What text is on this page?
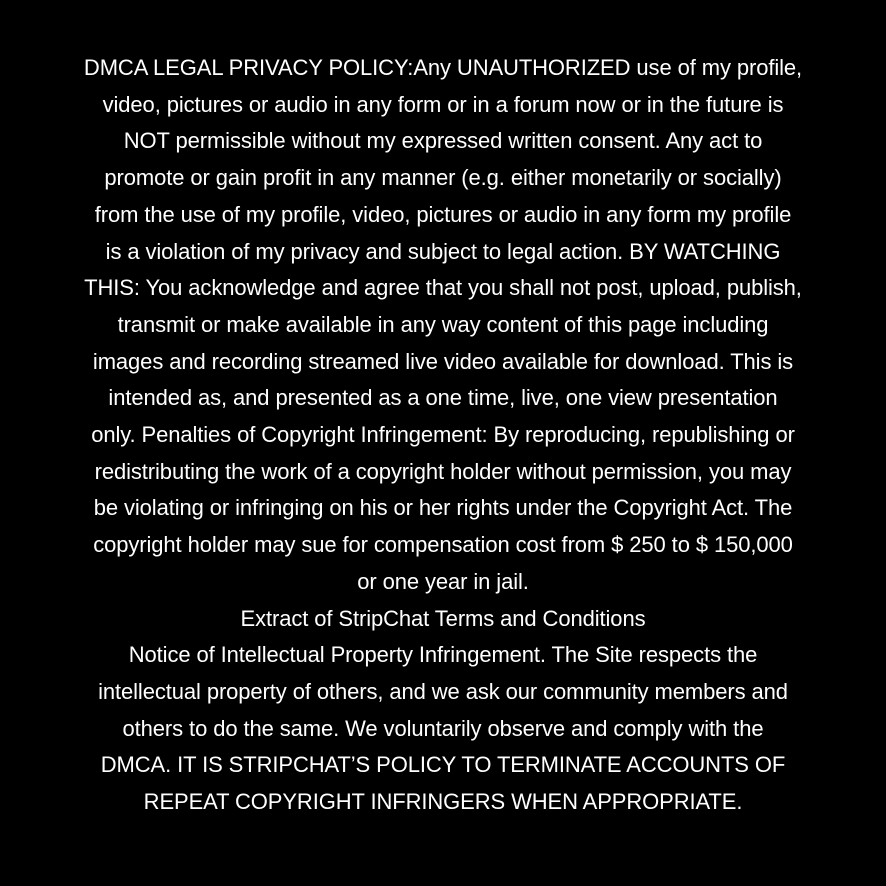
DMCA LEGAL PRIVACY POLICY:Any UNAUTHORIZED use of my profile,
video, pictures or audio in any form or in a forum now or in the future is
NOT permissible without my expressed written consent. Any act to
promote or gain profit in any manner (e.g. either monetarily or socially)
from the use of my profile, video, pictures or audio in any form my profile
is a violation of my privacy and subject to legal action. BY WATCHING
THIS: You acknowledge and agree that you shall not post, upload, publish,
transmit or make available in any way content of this page including
images and recording streamed live video available for download. This is
intended as, and presented as a one time, live, one view presentation
only. Penalties of Copyright Infringement: By reproducing, republishing or
redistributing the work of a copyright holder without permission, you may
be violating or infringing on his or her rights under the Copyright Act. The
copyright holder may sue for compensation cost from $ 250 to $ 150,000
or one year in jail.
Extract of StripChat Terms and Conditions
Notice of Intellectual Property Infringement. The Site respects the
intellectual property of others, and we ask our community members and
others to do the same. We voluntarily observe and comply with the
DMCA. IT IS STRIPCHAT’S POLICY TO TERMINATE ACCOUNTS OF
REPEAT COPYRIGHT INFRINGERS WHEN APPROPRIATE.
